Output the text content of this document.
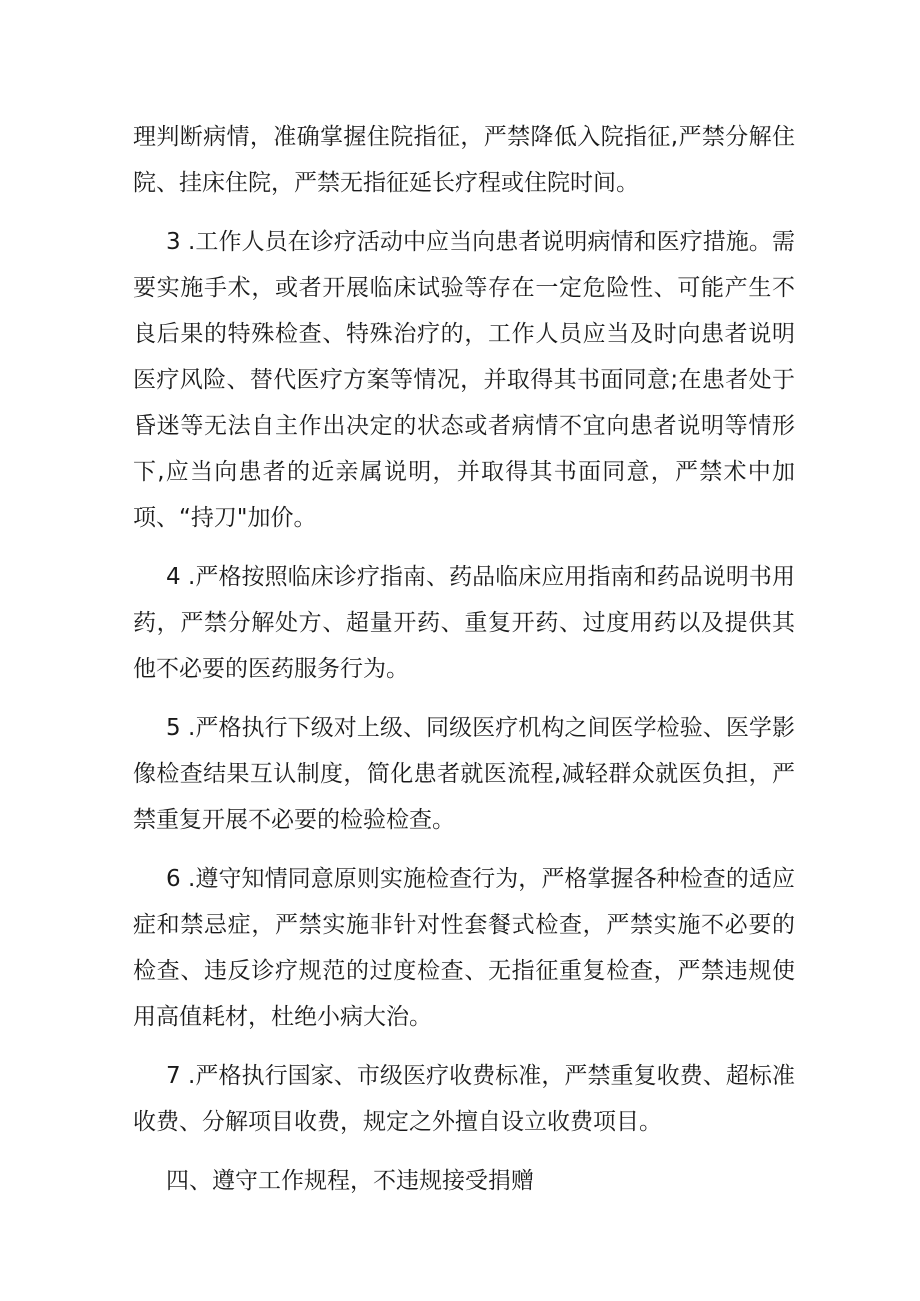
理判断病情，准确掌握住院指征，严禁降低入院指征,严禁分解住院、挂床住院，严禁无指征延长疗程或住院时间。

3 .工作人员在诊疗活动中应当向患者说明病情和医疗措施。需要实施手术，或者开展临床试验等存在一定危险性、可能产生不良后果的特殊检查、特殊治疗的，工作人员应当及时向患者说明医疗风险、替代医疗方案等情况，并取得其书面同意;在患者处于昏迷等无法自主作出决定的状态或者病情不宜向患者说明等情形下,应当向患者的近亲属说明，并取得其书面同意，严禁术中加项、“持刀"加价。

4 .严格按照临床诊疗指南、药品临床应用指南和药品说明书用药，严禁分解处方、超量开药、重复开药、过度用药以及提供其他不必要的医药服务行为。

5 .严格执行下级对上级、同级医疗机构之间医学检验、医学影像检查结果互认制度，简化患者就医流程,减轻群众就医负担，严禁重复开展不必要的检验检查。

6 .遵守知情同意原则实施检查行为，严格掌握各种检查的适应症和禁忌症，严禁实施非针对性套餐式检查，严禁实施不必要的检查、违反诊疗规范的过度检查、无指征重复检查，严禁违规使用高值耗材，杜绝小病大治。

7 .严格执行国家、市级医疗收费标准，严禁重复收费、超标准收费、分解项目收费，规定之外擅自设立收费项目。

四、遵守工作规程，不违规接受捐赠
